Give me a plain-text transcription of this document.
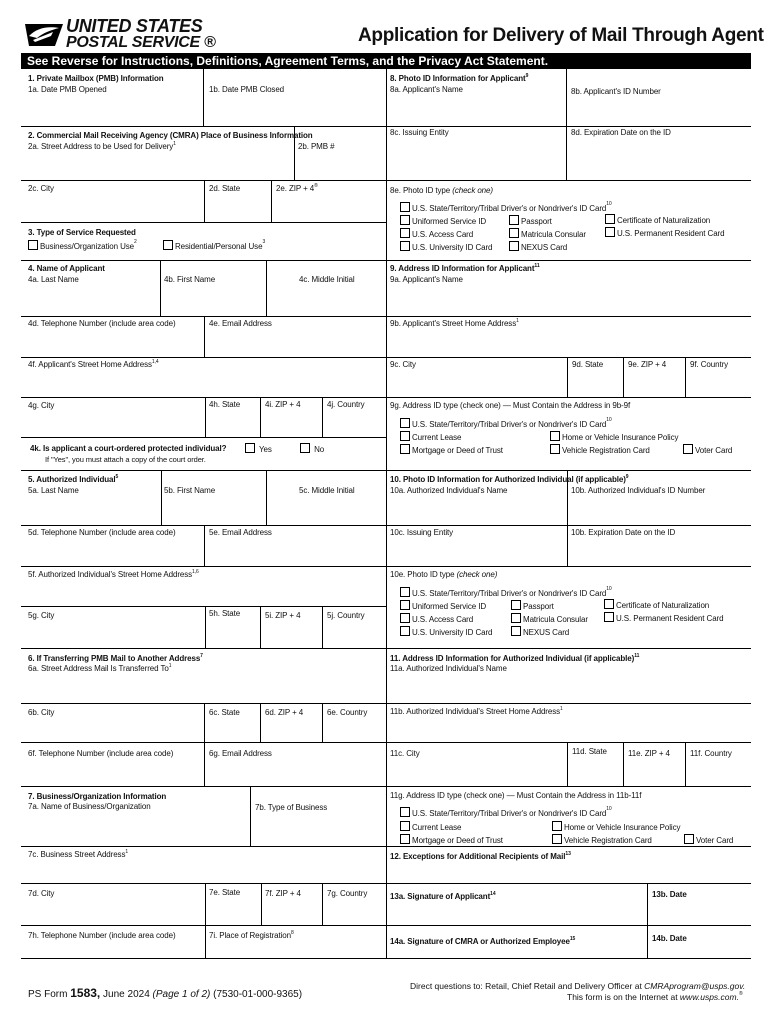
UNITED STATES
POSTAL SERVICE ®	Application for Delivery of Mail Through Agent
See Reverse for Instructions, Definitions, Agreement Terms, and the Privacy Act Statement.
1. Private Mailbox (PMB) Information
1a. Date PMB Opened	1b. Date PMB Closed
2. Commercial Mail Receiving Agency (CMRA) Place of Business Information
2a. Street Address to be Used for Delivery$^1$	2b. PMB #
2c. City	2d. State	2e. ZIP + 4®
3. Type of Service Requested
Business/Organization Use$^2$	Residential/Personal Use$^3$
4. Name of Applicant
4a. Last Name	4b. First Name	4c. Middle Initial
4d. Telephone Number (include area code)	4e. Email Address
4f. Applicant's Street Home Address$^{1,4}$
4g. City	4h. State	4i. ZIP + 4	4j. Country
4k. Is applicant a court-ordered protected individual?	Yes	No
If "Yes", you must attach a copy of the court order.
5. Authorized Individual$^5$
5a. Last Name	5b. First Name	5c. Middle Initial
5d. Telephone Number (include area code)	5e. Email Address
5f. Authorized Individual's Street Home Address$^{1,6}$
5g. City	5h. State	5i. ZIP + 4	5j. Country
6. If Transferring PMB Mail to Another Address$^7$
6a. Street Address Mail Is Transferred To$^1$
6b. City	6c. State	6d. ZIP + 4	6e. Country
6f. Telephone Number (include area code)	6g. Email Address
7. Business/Organization Information
7a. Name of Business/Organization	7b. Type of Business
7c. Business Street Address$^1$
7d. City	7e. State	7f. ZIP + 4	7g. Country
7h. Telephone Number (include area code)	7i. Place of Registration$^8$
8. Photo ID Information for Applicant$^9$
8a. Applicant's Name	8b. Applicant's ID Number
8c. Issuing Entity	8d. Expiration Date on the ID
8e. Photo ID type (check one)
U.S. State/Territory/Tribal Driver's or Nondriver's ID Card$^{10}$
Uniformed Service ID	Passport	Certificate of Naturalization
U.S. Access Card	Matricula Consular	U.S. Permanent Resident Card
U.S. University ID Card	NEXUS Card
9. Address ID Information for Applicant$^{11}$
9a. Applicant's Name
9b. Applicant's Street Home Address$^1$
9c. City	9d. State	9e. ZIP + 4	9f. Country
9g. Address ID type (check one) — Must Contain the Address in 9b-9f
U.S. State/Territory/Tribal Driver's or Nondriver's ID Card$^{10}$
Current Lease	Home or Vehicle Insurance Policy
Mortgage or Deed of Trust	Vehicle Registration Card	Voter Card
10. Photo ID Information for Authorized Individual (if applicable)$^9$
10a. Authorized Individual's Name	10b. Authorized Individual's ID Number
10c. Issuing Entity	10b. Expiration Date on the ID
10e. Photo ID type (check one)
U.S. State/Territory/Tribal Driver's or Nondriver's ID Card$^{10}$
Uniformed Service ID	Passport	Certificate of Naturalization
U.S. Access Card	Matricula Consular	U.S. Permanent Resident Card
U.S. University ID Card	NEXUS Card
11. Address ID Information for Authorized Individual (if applicable)$^{11}$
11a. Authorized Individual's Name
11b. Authorized Individual's Street Home Address$^1$
11c. City	11d. State	11e. ZIP + 4	11f. Country
11g. Address ID type (check one) — Must Contain the Address in 11b-11f
U.S. State/Territory/Tribal Driver's or Nondriver's ID Card$^{10}$
Current Lease	Home or Vehicle Insurance Policy
Mortgage or Deed of Trust	Vehicle Registration Card	Voter Card
12. Exceptions for Additional Recipients of Mail$^{13}$
13a. Signature of Applicant$^{14}$	13b. Date
14a. Signature of CMRA or Authorized Employee$^{15}$	14b. Date
PS Form 1583, June 2024 (Page 1 of 2) (7530-01-000-9365)
Direct questions to: Retail, Chief Retail and Delivery Officer at CMRAprogram@usps.gov.
This form is on the Internet at www.usps.com.®
